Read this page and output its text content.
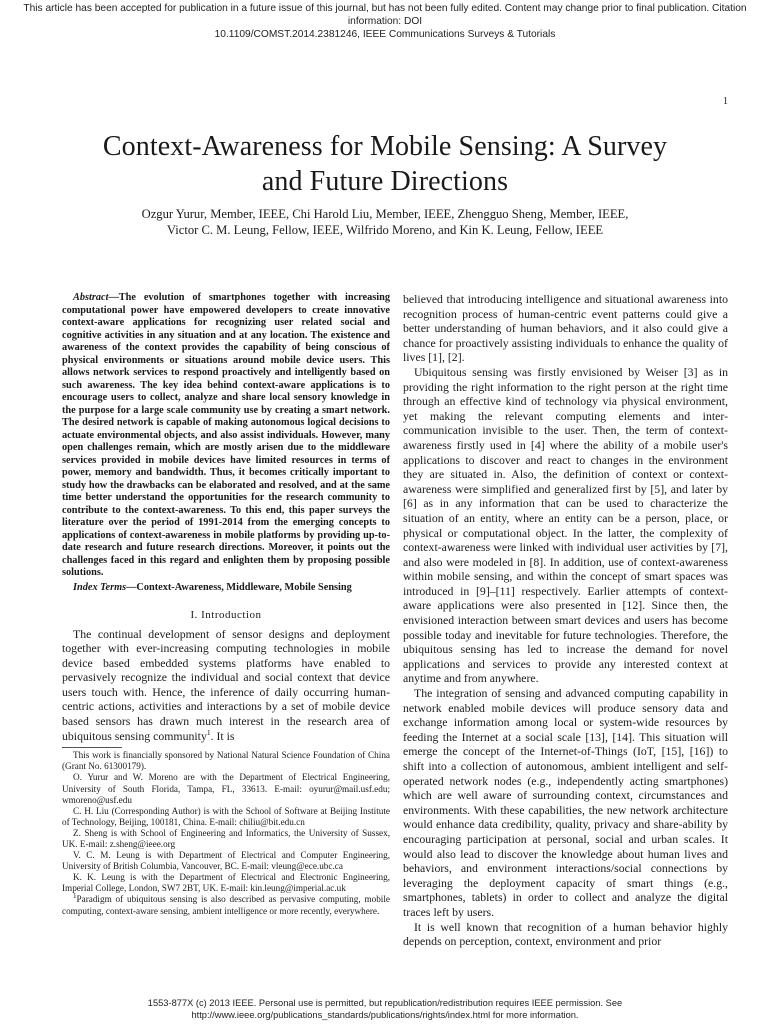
This article has been accepted for publication in a future issue of this journal, but has not been fully edited. Content may change prior to final publication. Citation information: DOI
10.1109/COMST.2014.2381246, IEEE Communications Surveys & Tutorials
1
Context-Awareness for Mobile Sensing: A Survey
and Future Directions
Ozgur Yurur, Member, IEEE, Chi Harold Liu, Member, IEEE, Zhengguo Sheng, Member, IEEE,
Victor C. M. Leung, Fellow, IEEE, Wilfrido Moreno, and Kin K. Leung, Fellow, IEEE
Abstract—The evolution of smartphones together with increasing computational power have empowered developers to create innovative context-aware applications for recognizing user related social and cognitive activities in any situation and at any location. The existence and awareness of the context provides the capability of being conscious of physical environments or situations around mobile device users. This allows network services to respond proactively and intelligently based on such awareness. The key idea behind context-aware applications is to encourage users to collect, analyze and share local sensory knowledge in the purpose for a large scale community use by creating a smart network. The desired network is capable of making autonomous logical decisions to actuate environmental objects, and also assist individuals. However, many open challenges remain, which are mostly arisen due to the middleware services provided in mobile devices have limited resources in terms of power, memory and bandwidth. Thus, it becomes critically important to study how the drawbacks can be elaborated and resolved, and at the same time better understand the opportunities for the research community to contribute to the context-awareness. To this end, this paper surveys the literature over the period of 1991-2014 from the emerging concepts to applications of context-awareness in mobile platforms by providing up-to-date research and future research directions. Moreover, it points out the challenges faced in this regard and enlighten them by proposing possible solutions.
Index Terms—Context-Awareness, Middleware, Mobile Sensing
I. Introduction

The continual development of sensor designs and deployment together with ever-increasing computing technologies in mobile device based embedded systems platforms have enabled to pervasively recognize the individual and social context that device users touch with. Hence, the inference of daily occurring human-centric actions, activities and interactions by a set of mobile device based sensors has drawn much interest in the research area of ubiquitous sensing community$^1$. It is

This work is financially sponsored by National Natural Science Foundation of China (Grant No. 61300179).

O. Yurur and W. Moreno are with the Department of Electrical Engineering, University of South Florida, Tampa, FL, 33613. E-mail: oyurur@mail.usf.edu; wmoreno@usf.edu

C. H. Liu (Corresponding Author) is with the School of Software at Beijing Institute of Technology, Beijing, 100181, China. E-mail: chiliu@bit.edu.cn

Z. Sheng is with School of Engineering and Informatics, the University of Sussex, UK. E-mail: z.sheng@ieee.org

V. C. M. Leung is with Department of Electrical and Computer Engineering, University of British Columbia, Vancouver, BC. E-mail: vleung@ece.ubc.ca

K. K. Leung is with the Department of Electrical and Electronic Engineering, Imperial College, London, SW7 2BT, UK. E-mail: kin.leung@imperial.ac.uk

$^1$Paradigm of ubiquitous sensing is also described as pervasive computing, mobile computing, context-aware sensing, ambient intelligence or more recently, everywhere.

believed that introducing intelligence and situational awareness into recognition process of human-centric event patterns could give a better understanding of human behaviors, and it also could give a chance for proactively assisting individuals to enhance the quality of lives [1], [2].

Ubiquitous sensing was firstly envisioned by Weiser [3] as in providing the right information to the right person at the right time through an effective kind of technology via physical environment, yet making the relevant computing elements and inter-communication invisible to the user. Then, the term of context-awareness firstly used in [4] where the ability of a mobile user's applications to discover and react to changes in the environment they are situated in. Also, the definition of context or context-awareness were simplified and generalized first by [5], and later by [6] as in any information that can be used to characterize the situation of an entity, where an entity can be a person, place, or physical or computational object. In the latter, the complexity of context-awareness were linked with individual user activities by [7], and also were modeled in [8]. In addition, use of context-awareness within mobile sensing, and within the concept of smart spaces was introduced in [9]–[11] respectively. Earlier attempts of context-aware applications were also presented in [12]. Since then, the envisioned interaction between smart devices and users has become possible today and inevitable for future technologies. Therefore, the ubiquitous sensing has led to increase the demand for novel applications and services to provide any interested context at anytime and from anywhere.

The integration of sensing and advanced computing capability in network enabled mobile devices will produce sensory data and exchange information among local or system-wide resources by feeding the Internet at a social scale [13], [14]. This situation will emerge the concept of the Internet-of-Things (IoT, [15], [16]) to shift into a collection of autonomous, ambient intelligent and self-operated network nodes (e.g., independently acting smartphones) which are well aware of surrounding context, circumstances and environments. With these capabilities, the new network architecture would enhance data credibility, quality, privacy and share-ability by encouraging participation at personal, social and urban scales. It would also lead to discover the knowledge about human lives and behaviors, and environment interactions/social connections by leveraging the deployment capacity of smart things (e.g., smartphones, tablets) in order to collect and analyze the digital traces left by users.

It is well known that recognition of a human behavior highly depends on perception, context, environment and prior

1553-877X (c) 2013 IEEE. Personal use is permitted, but republication/redistribution requires IEEE permission. See
http://www.ieee.org/publications_standards/publications/rights/index.html for more information.
